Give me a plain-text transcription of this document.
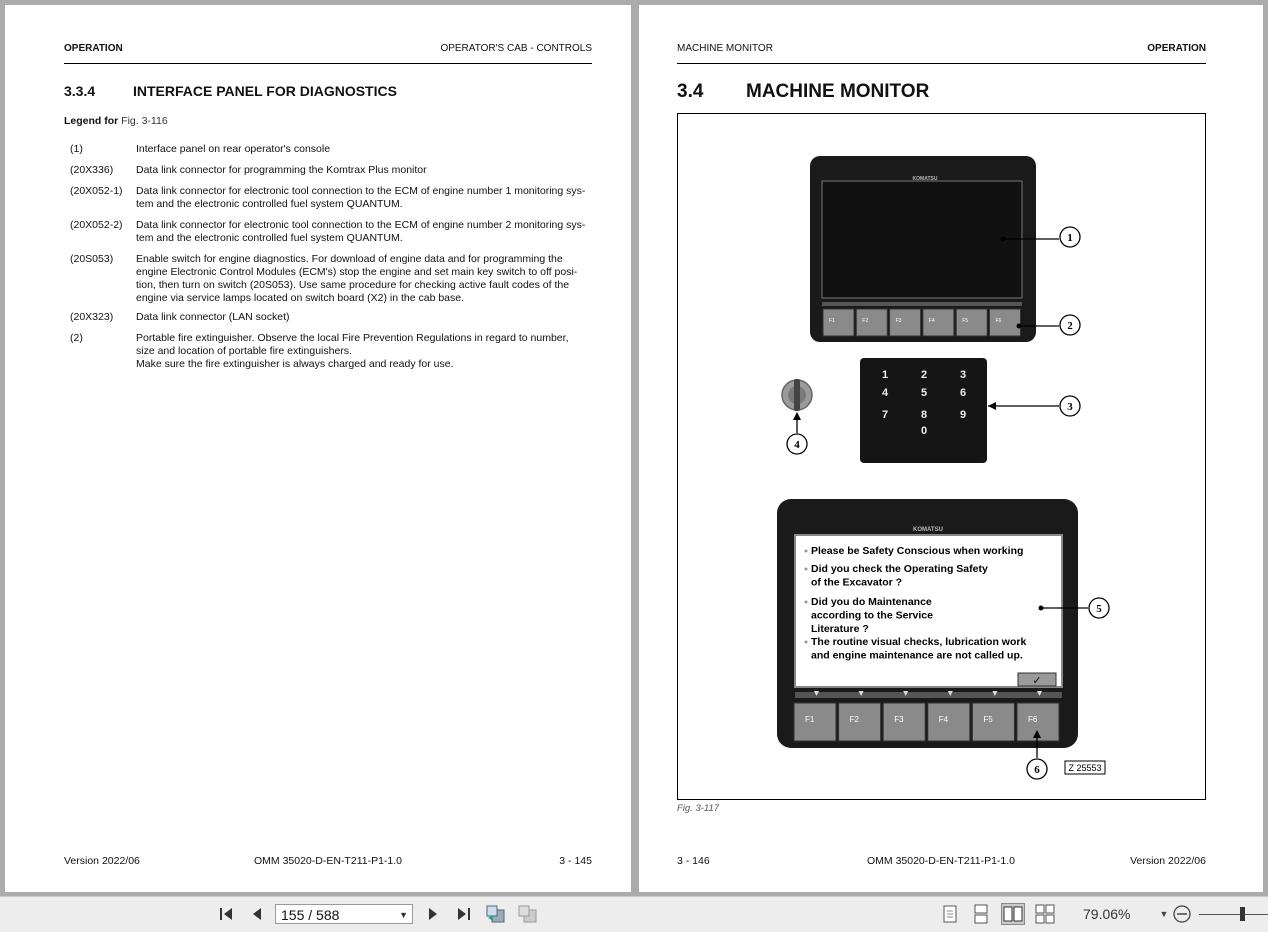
OPERATION	OPERATOR'S CAB - CONTROLS
3.3.4	INTERFACE PANEL FOR DIAGNOSTICS
Legend for Fig. 3-116
(1)	Interface panel on rear operator's console
(20X336)	Data link connector for programming the Komtrax Plus monitor
(20X052-1)	Data link connector for electronic tool connection to the ECM of engine number 1 monitoring sys-
tem and the electronic controlled fuel system QUANTUM.
(20X052-2)	Data link connector for electronic tool connection to the ECM of engine number 2 monitoring sys-
tem and the electronic controlled fuel system QUANTUM.
(20S053)	Enable switch for engine diagnostics. For download of engine data and for programming the
engine Electronic Control Modules (ECM's) stop the engine and set main key switch to off posi-
tion, then turn on switch (20S053). Use same procedure for checking active fault codes of the
engine via service lamps located on switch board (X2) in the cab base.
(20X323)	Data link connector (LAN socket)
(2)	Portable fire extinguisher. Observe the local Fire Prevention Regulations in regard to number,
size and location of portable fire extinguishers.
Make sure the fire extinguisher is always charged and ready for use.
Version 2022/06	OMM 35020-D-EN-T211-P1-1.0	3 - 145
MACHINE MONITOR	OPERATION
3.4 MACHINE MONITOR
KOMATSU
F1	F2	F3	F4	F5	F6
1	2	3
4	5	6
7	8	9
0
KOMATSU
Please be Safety Conscious when working
Did you check the Operating Safety
of the Excavator ?
Did you do Maintenance
according to the Service
Literature ?
The routine visual checks, lubrication work
and engine maintenance are not called up.
✓
F1	F2	F3	F4	F5	F6
1
2
3
4
5
6	Z 25553
Fig. 3-117
3 - 146	OMM 35020-D-EN-T211-P1-1.0	Version 2022/06
155 / 588	▼	79.06%	▼
